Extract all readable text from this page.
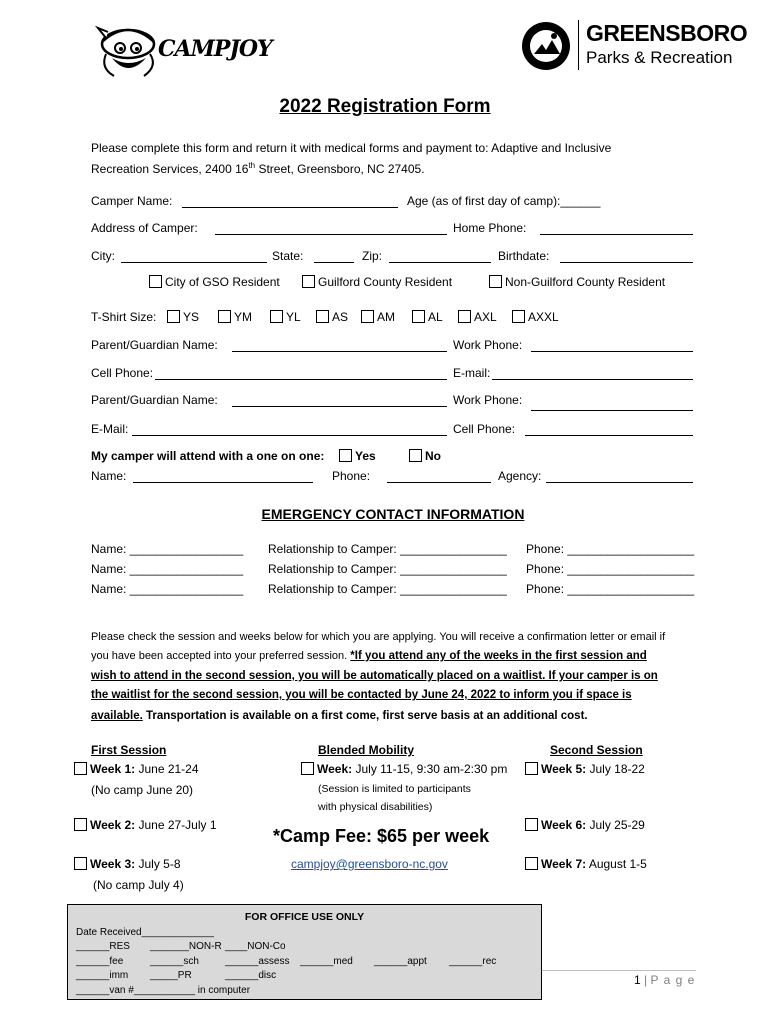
CAMPJOY
GREENSBORO
Parks & Recreation
2022 Registration Form
Please complete this form and return it with medical forms and payment to: Adaptive and Inclusive
Recreation Services, 2400 16th Street, Greensboro, NC 27405.
Camper Name:	Age (as of first day of camp):______
Address of Camper:	Home Phone:
City:	State:	Zip:	Birthdate:
City of GSO Resident	Guilford County Resident	Non-Guilford County Resident
T-Shirt Size:	YS	YM	YL	AS	AM	AL	AXL	AXXL
Parent/Guardian Name:	Work Phone:
Cell Phone:	E-mail:
Parent/Guardian Name:	Work Phone:
E-Mail:	Cell Phone:
My camper will attend with a one on one:	Yes	No
Name:	Phone:	Agency:
EMERGENCY CONTACT INFORMATION
Name: _________________ Relationship to Camper: ________________ Phone: ___________________
Name: _________________ Relationship to Camper: ________________ Phone: ___________________
Name: _________________ Relationship to Camper: ________________ Phone: ___________________
Please check the session and weeks below for which you are applying. You will receive a confirmation letter or email if
you have been accepted into your preferred session. *If you attend any of the weeks in the first session and
wish to attend in the second session, you will be automatically placed on a waitlist. If your camper is on
the waitlist for the second session, you will be contacted by June 24, 2022 to inform you if space is
available. Transportation is available on a first come, first serve basis at an additional cost.
First Session
Week 1: June 21-24
(No camp June 20)
Week 2: June 27-July 1
Week 3: July 5-8
(No camp July 4)
Blended Mobility
Week: July 11-15, 9:30 am-2:30 pm
(Session is limited to participants
with physical disabilities)
*Camp Fee: $65 per week
campjoy@greensboro-nc.gov
Second Session
Week 5: July 18-22
Week 6: July 25-29
Week 7: August 1-5
FOR OFFICE USE ONLY
Date Received_____________
______RES _______NON-R ____NON-Co
______fee	______sch	______assess ______med ______appt ______rec
______imm _____PR	______disc
______van #___________ in computer
1 | P a g e
